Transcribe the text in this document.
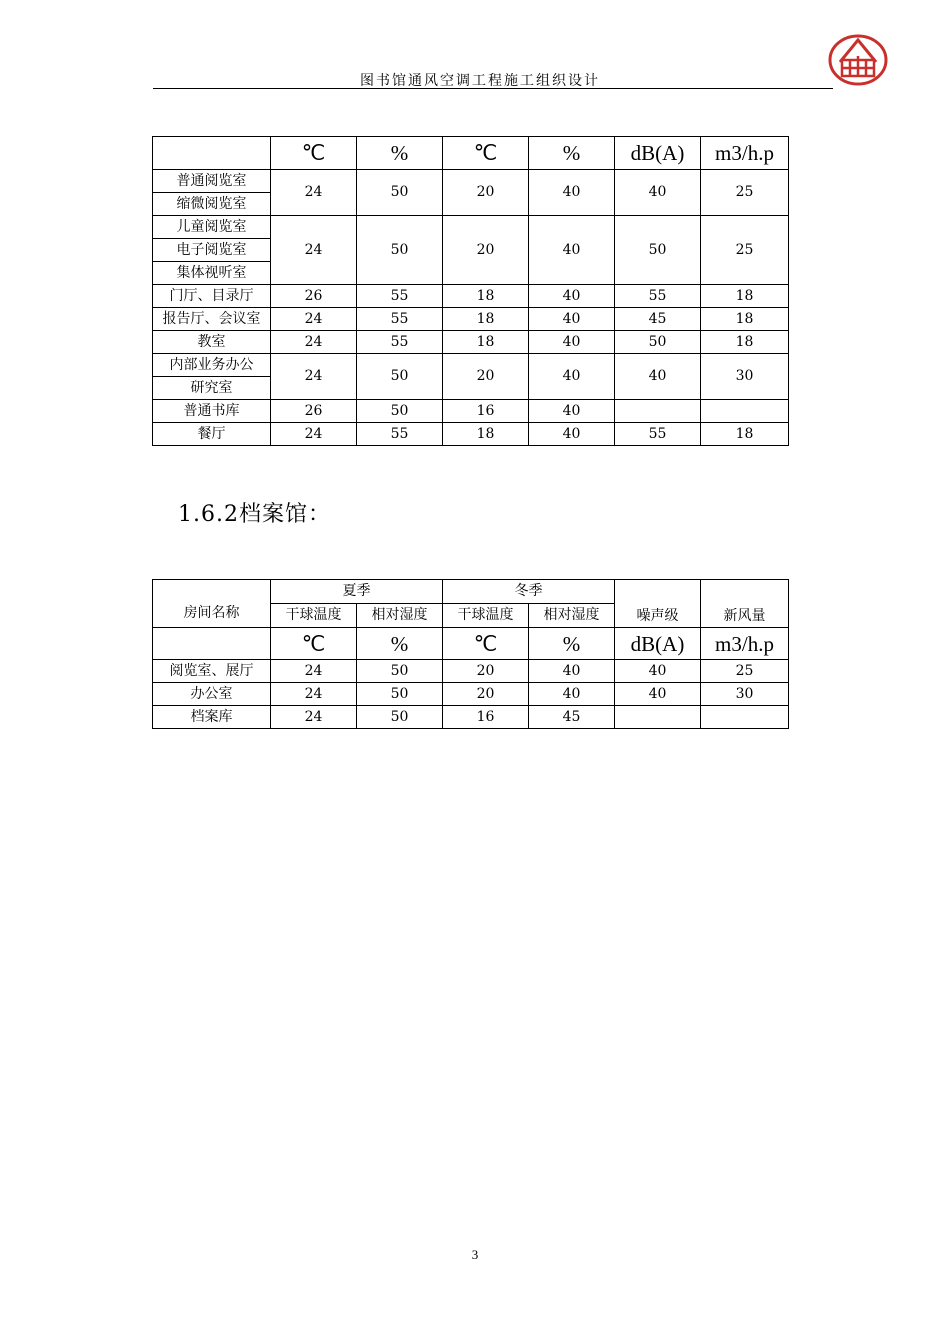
图书馆通风空调工程施工组织设计
	℃	%	℃	%	dB(A)	m3/h.p

普通阅览室
缩微阅览室	24	50	20	40	40	25

儿童阅览室
电子阅览室
集体视听室	24	50	20	40	50	25
门厅、目录厅	26	55	18	40	55	18
报告厅、会议室	24	55	18	40	45	18
教室	24	55	18	40	50	18

内部业务办公
研究室	24	50	20	40	40	30
普通书库	26	50	16	40		
餐厅	24	55	18	40	55	18
1.6.2档案馆：
房间名称	夏季		冬季		噪声级	新风量
	干球温度	相对湿度	干球温度	相对湿度		
	℃	%	℃	%	dB(A)	m3/h.p
阅览室、展厅	24	50	20	40	40	25
办公室	24	50	20	40	40	30
档案库	24	50	16	45		
3
